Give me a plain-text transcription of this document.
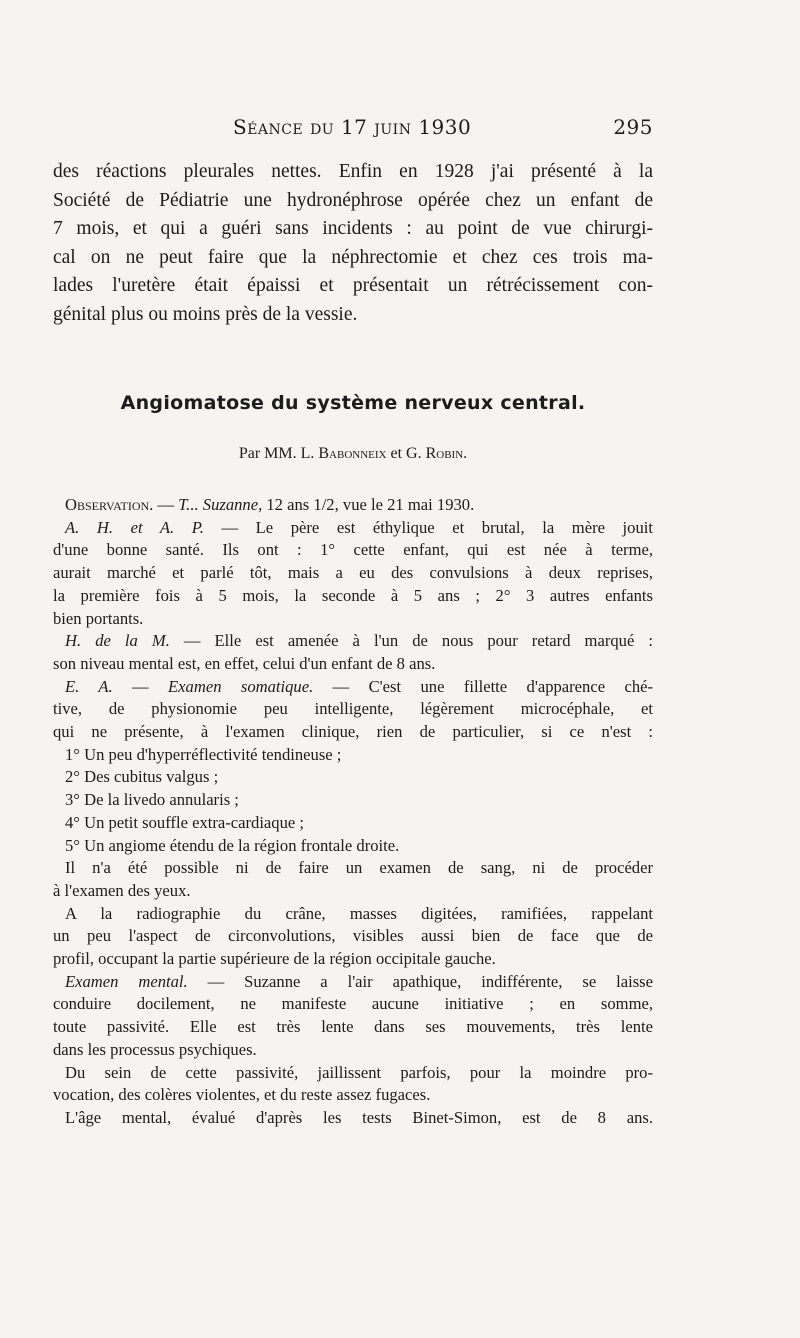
Séance du 17 juin 1930	295
des réactions pleurales nettes. Enfin en 1928 j'ai présenté à la
Société de Pédiatrie une hydronéphrose opérée chez un enfant de
7 mois, et qui a guéri sans incidents : au point de vue chirurgi-
cal on ne peut faire que la néphrectomie et chez ces trois ma-
lades l'uretère était épaissi et présentait un rétrécissement con-
génital plus ou moins près de la vessie.
Angiomatose du système nerveux central.
Par MM. L. Babonneix et G. Robin.
Observation. — T... Suzanne, 12 ans 1/2, vue le 21 mai 1930.
A. H. et A. P. — Le père est éthylique et brutal, la mère jouit
d'une bonne santé. Ils ont : 1° cette enfant, qui est née à terme,
aurait marché et parlé tôt, mais a eu des convulsions à deux reprises,
la première fois à 5 mois, la seconde à 5 ans ; 2° 3 autres enfants
bien portants.
H. de la M. — Elle est amenée à l'un de nous pour retard marqué :
son niveau mental est, en effet, celui d'un enfant de 8 ans.
E. A. — Examen somatique. — C'est une fillette d'apparence ché-
tive, de physionomie peu intelligente, légèrement microcéphale, et
qui ne présente, à l'examen clinique, rien de particulier, si ce n'est :
1° Un peu d'hyperréflectivité tendineuse ;
2° Des cubitus valgus ;
3° De la livedo annularis ;
4° Un petit souffle extra-cardiaque ;
5° Un angiome étendu de la région frontale droite.
Il n'a été possible ni de faire un examen de sang, ni de procéder
à l'examen des yeux.
A la radiographie du crâne, masses digitées, ramifiées, rappelant
un peu l'aspect de circonvolutions, visibles aussi bien de face que de
profil, occupant la partie supérieure de la région occipitale gauche.
Examen mental. — Suzanne a l'air apathique, indifférente, se laisse
conduire docilement, ne manifeste aucune initiative ; en somme,
toute passivité. Elle est très lente dans ses mouvements, très lente
dans les processus psychiques.
Du sein de cette passivité, jaillissent parfois, pour la moindre pro-
vocation, des colères violentes, et du reste assez fugaces.
L'âge mental, évalué d'après les tests Binet-Simon, est de 8 ans.
